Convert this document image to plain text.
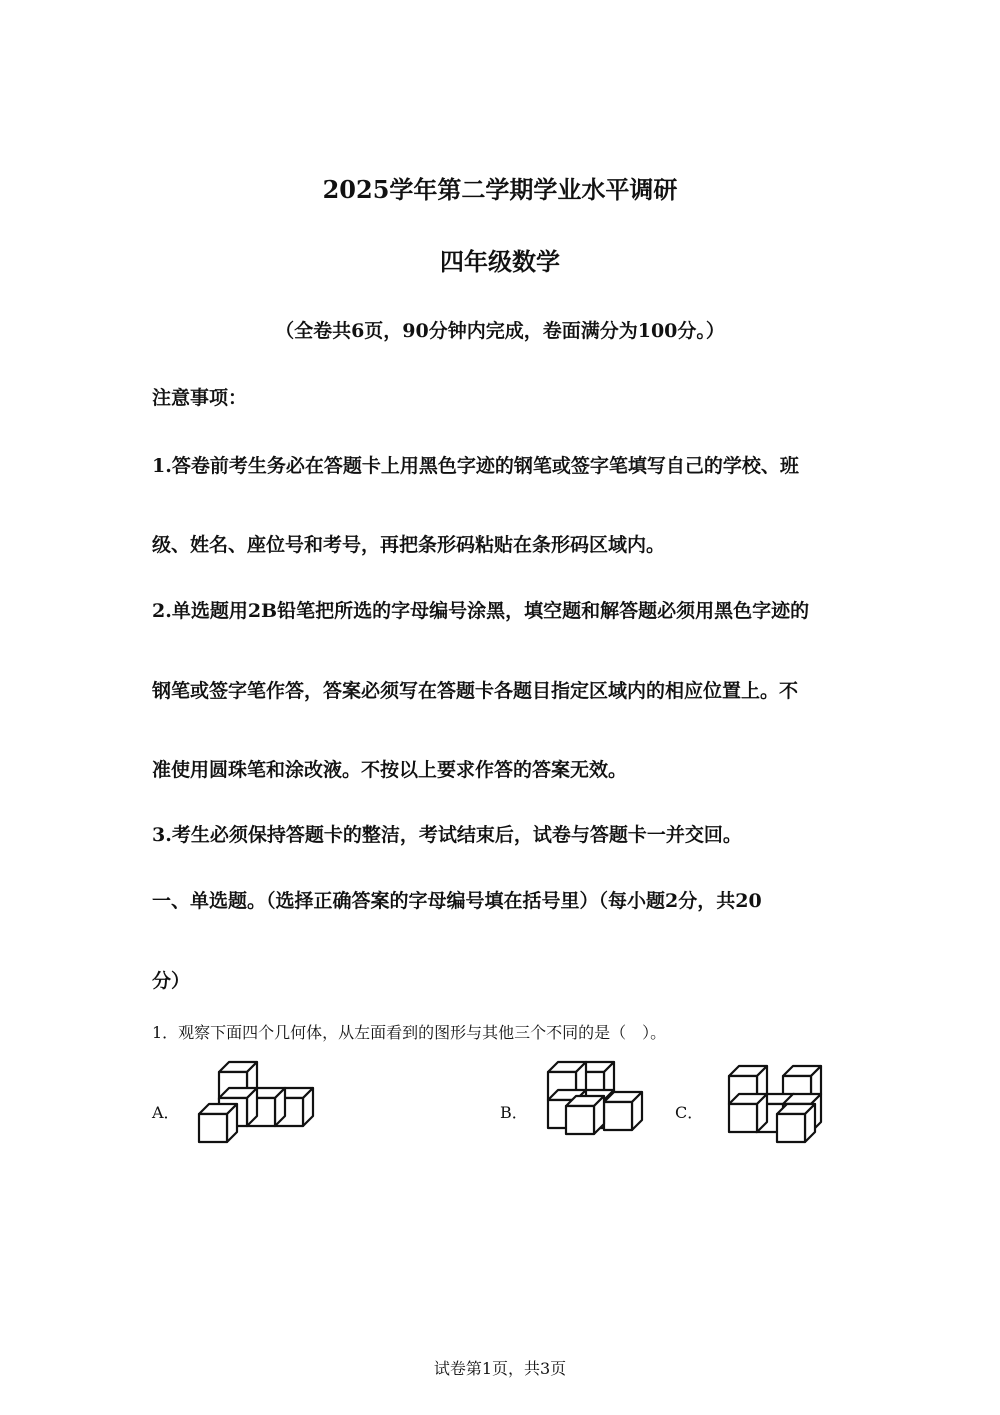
2025学年第二学期学业水平调研
四年级数学
（全卷共6页，90分钟内完成，卷面满分为100分。）
注意事项：
1.答卷前考生务必在答题卡上用黑色字迹的钢笔或签字笔填写自己的学校、班
级、姓名、座位号和考号，再把条形码粘贴在条形码区域内。
2.单选题用2B铅笔把所选的字母编号涂黑，填空题和解答题必须用黑色字迹的
钢笔或签字笔作答，答案必须写在答题卡各题目指定区域内的相应位置上。不
准使用圆珠笔和涂改液。不按以上要求作答的答案无效。
3.考生必须保持答题卡的整洁，考试结束后，试卷与答题卡一并交回。
一、单选题。（选择正确答案的字母编号填在括号里）（每小题2分，共20
分）
1．观察下面四个几何体，从左面看到的图形与其他三个不同的是（　）。
A．	B．	C．
试卷第1页，共3页
